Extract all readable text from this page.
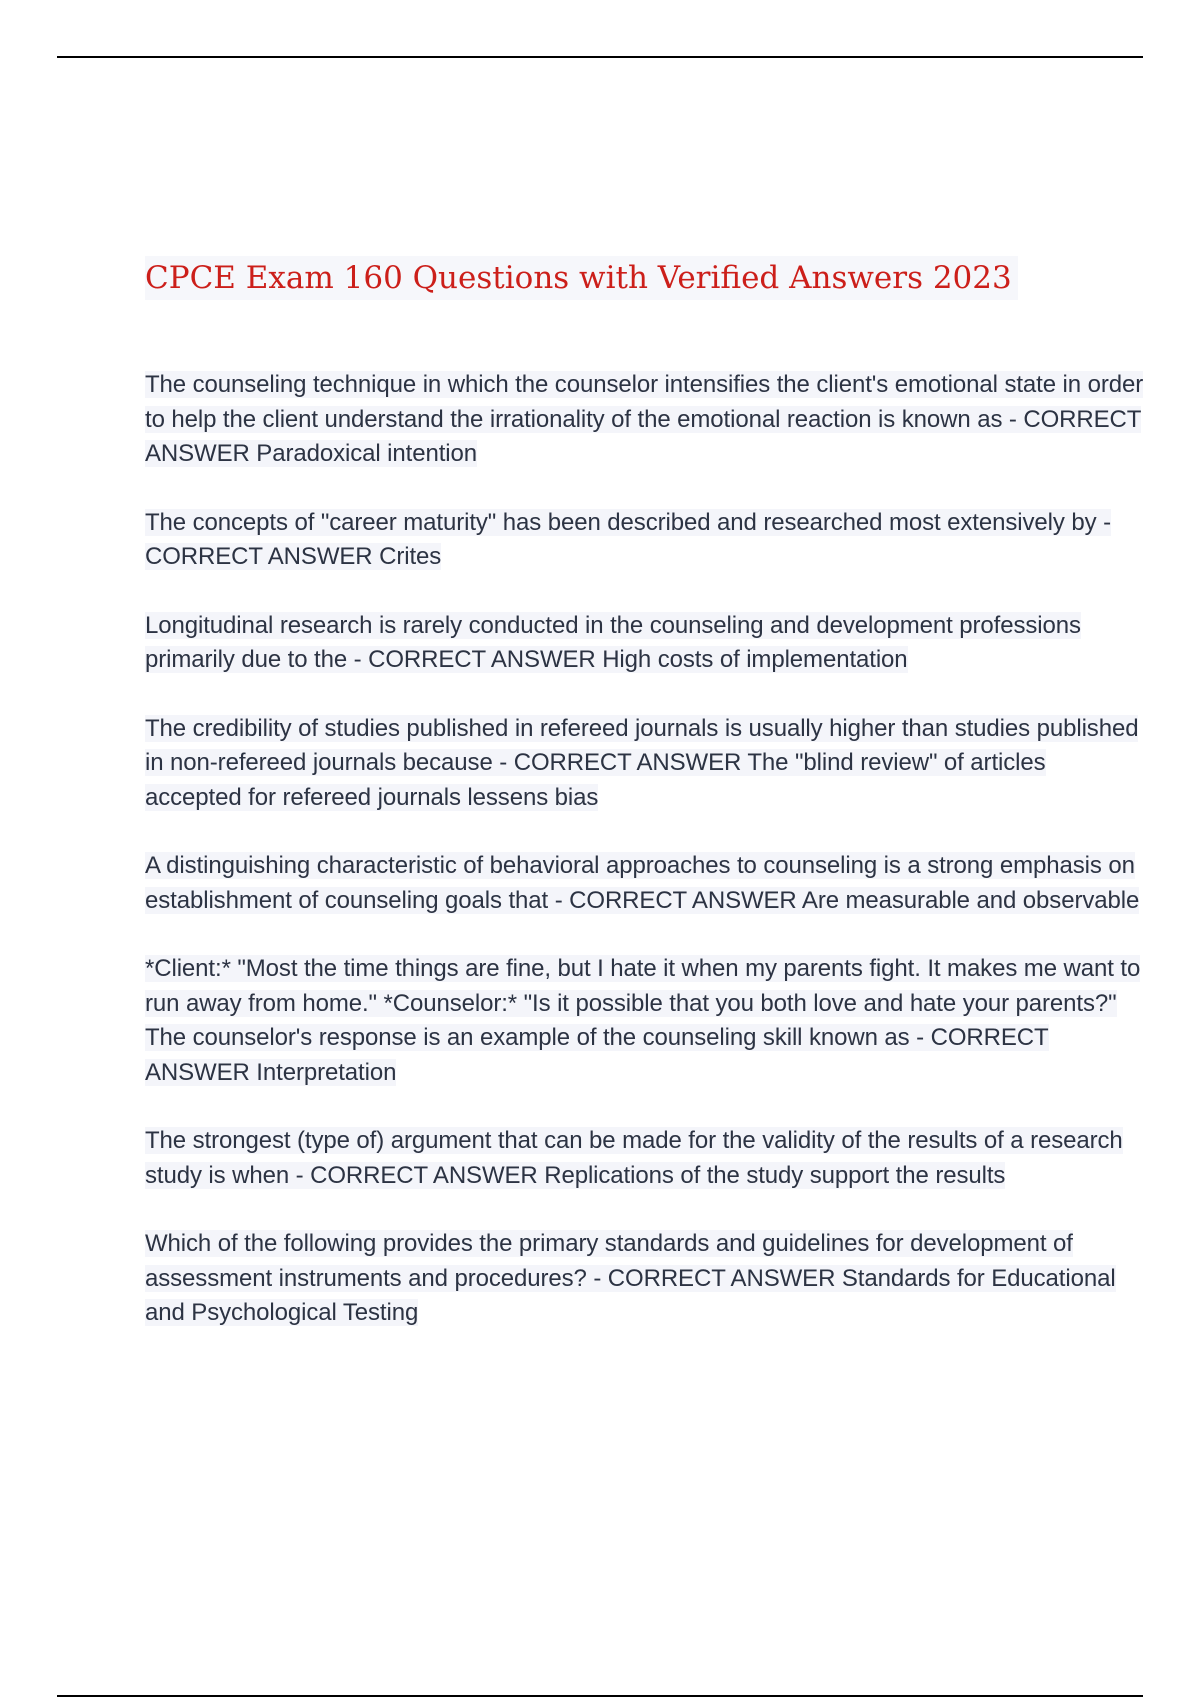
CPCE Exam 160 Questions with Verified Answers 2023
The counseling technique in which the counselor intensifies the client's emotional state in order to help the client understand the irrationality of the emotional reaction is known as - CORRECT ANSWER Paradoxical intention
The concepts of "career maturity" has been described and researched most extensively by - CORRECT ANSWER Crites
Longitudinal research is rarely conducted in the counseling and development professions primarily due to the - CORRECT ANSWER High costs of implementation
The credibility of studies published in refereed journals is usually higher than studies published in non-refereed journals because - CORRECT ANSWER The "blind review" of articles accepted for refereed journals lessens bias
A distinguishing characteristic of behavioral approaches to counseling is a strong emphasis on establishment of counseling goals that - CORRECT ANSWER Are measurable and observable
*Client:* "Most the time things are fine, but I hate it when my parents fight. It makes me want to run away from home." *Counselor:* "Is it possible that you both love and hate your parents?" The counselor's response is an example of the counseling skill known as - CORRECT ANSWER Interpretation
The strongest (type of) argument that can be made for the validity of the results of a research study is when - CORRECT ANSWER Replications of the study support the results
Which of the following provides the primary standards and guidelines for development of assessment instruments and procedures? - CORRECT ANSWER Standards for Educational and Psychological Testing
